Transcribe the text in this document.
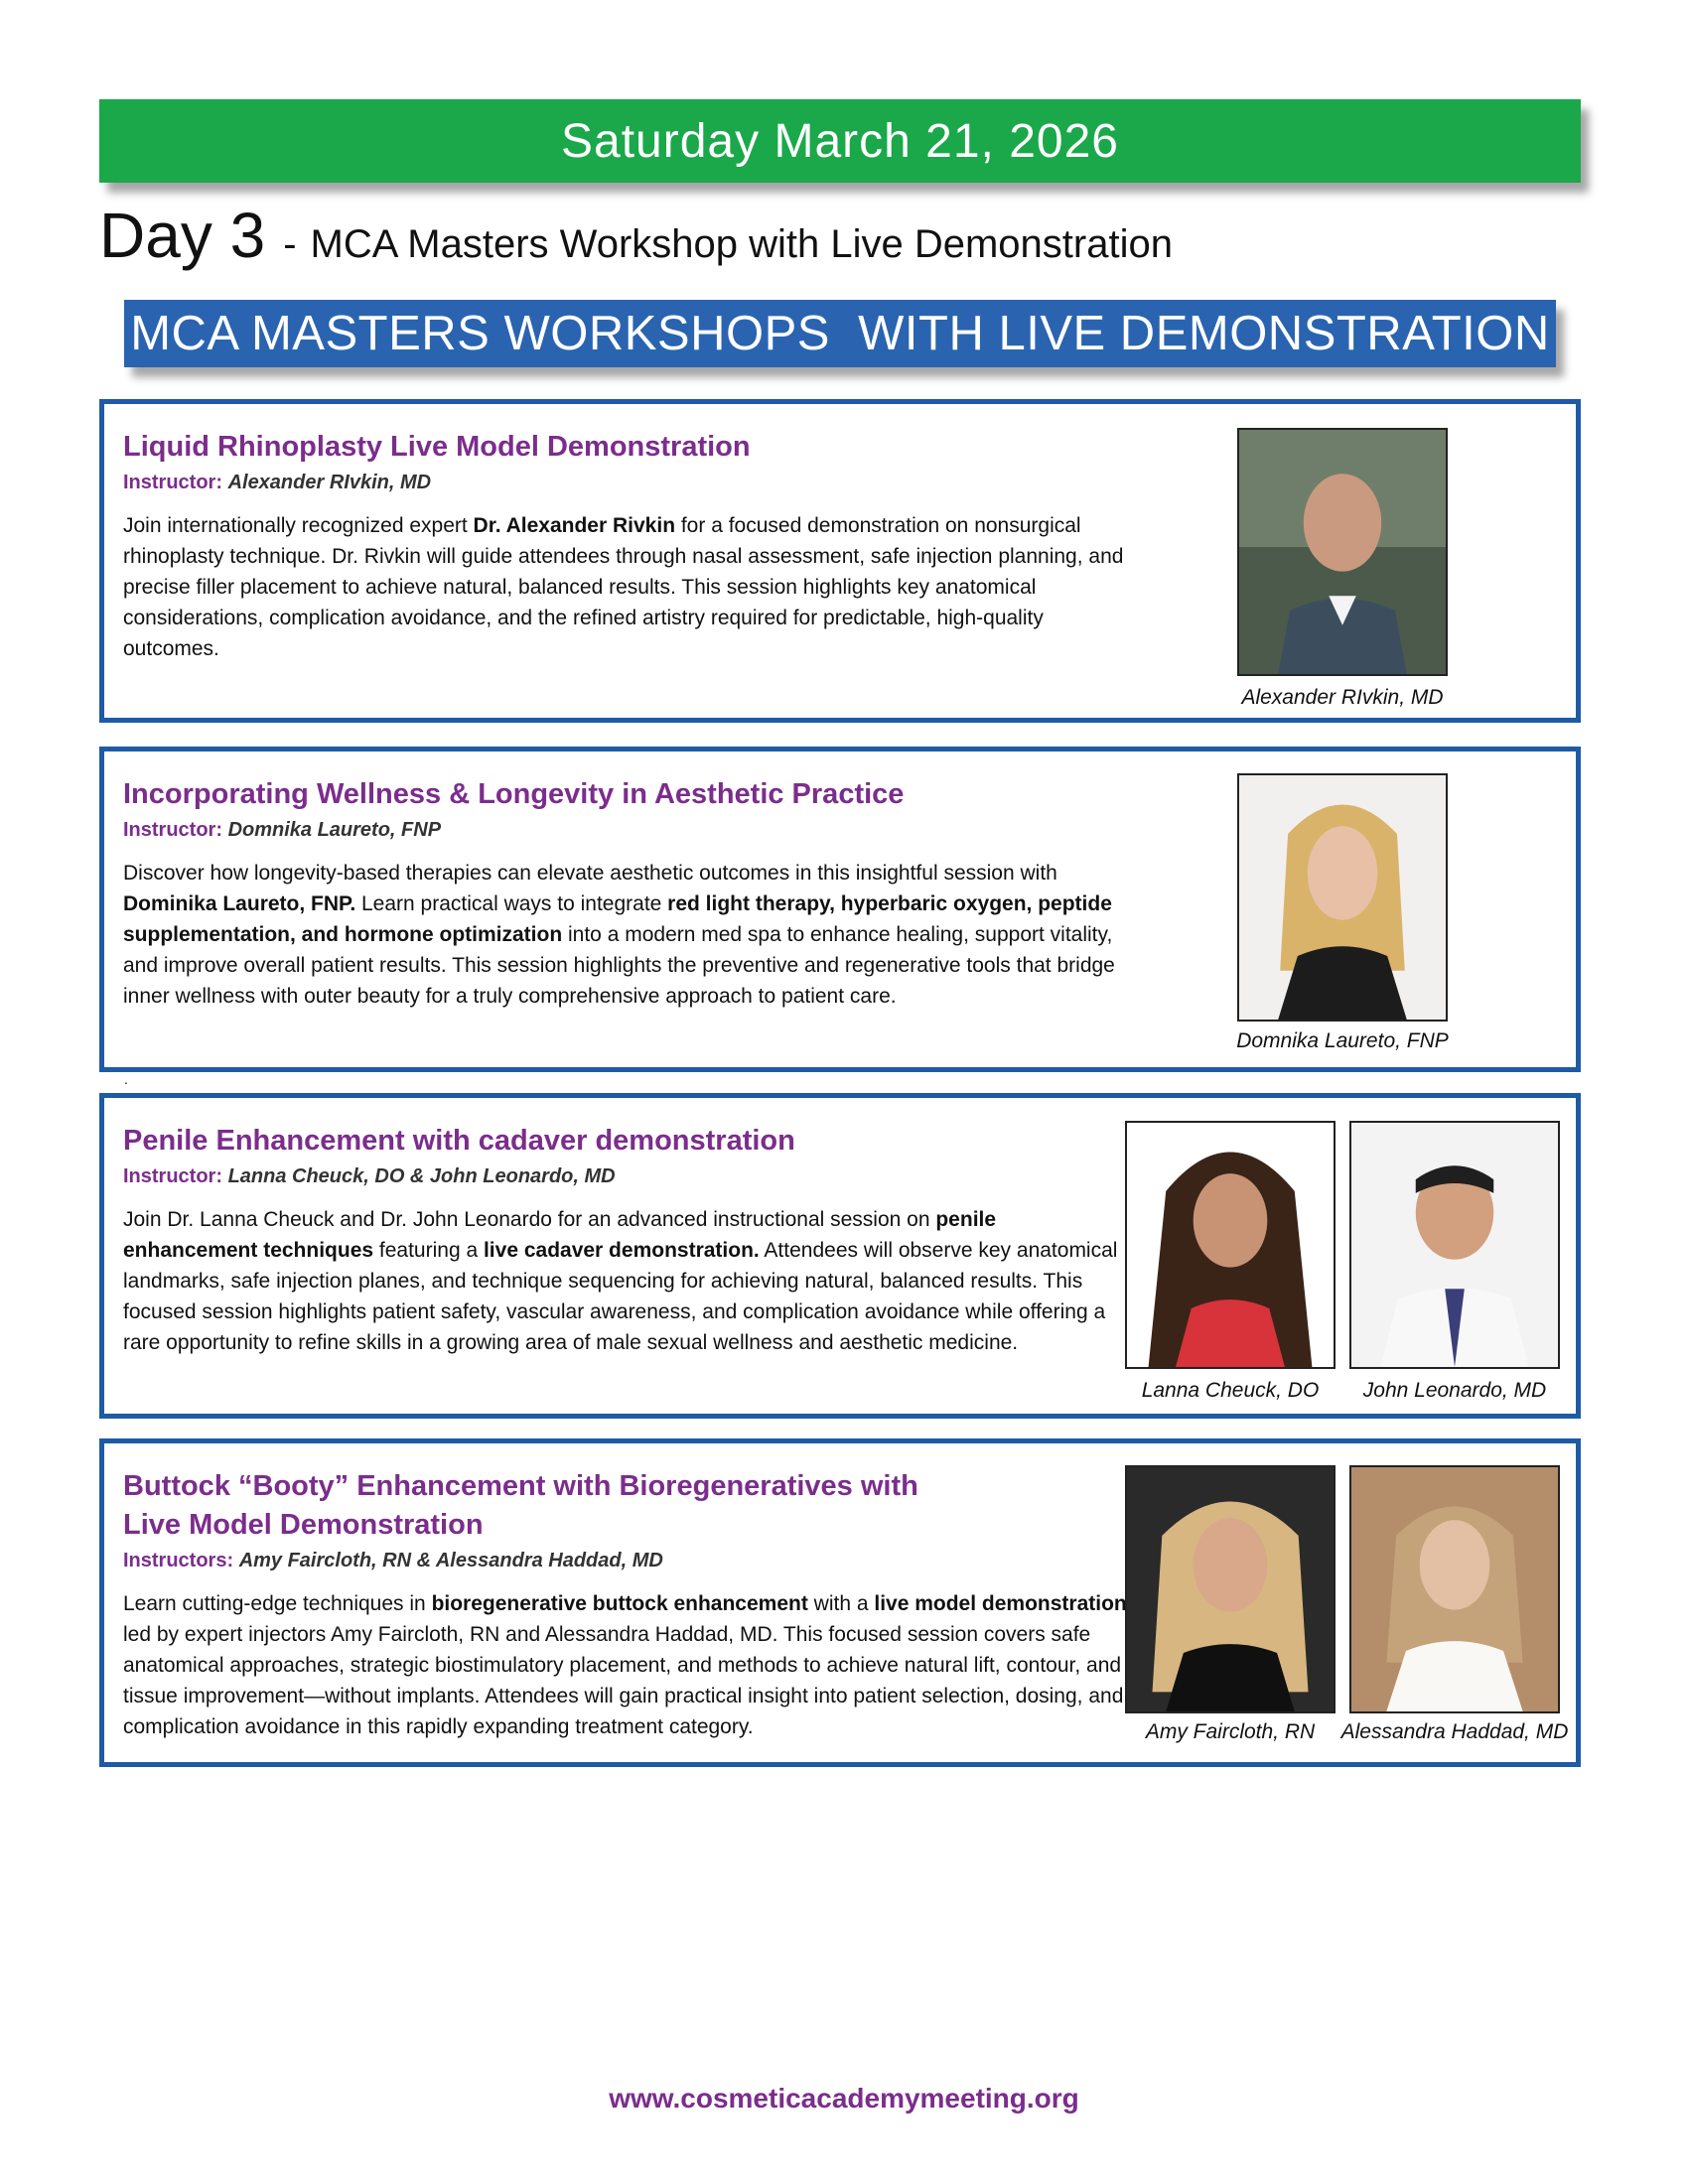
Saturday March 21, 2026
Day 3 - MCA Masters Workshop with Live Demonstration
MCA MASTERS WORKSHOPS  WITH LIVE DEMONSTRATION
Liquid Rhinoplasty Live Model Demonstration
Instructor: Alexander RIvkin, MD
Join internationally recognized expert Dr. Alexander Rivkin for a focused demonstration on nonsurgical rhinoplasty technique. Dr. Rivkin will guide attendees through nasal assessment, safe injection planning, and precise filler placement to achieve natural, balanced results. This session highlights key anatomical considerations, complication avoidance, and the refined artistry required for predictable, high-quality outcomes.
Alexander RIvkin, MD
Incorporating Wellness & Longevity in Aesthetic Practice
Instructor: Domnika Laureto, FNP
Discover how longevity-based therapies can elevate aesthetic outcomes in this insightful session with Dominika Laureto, FNP. Learn practical ways to integrate red light therapy, hyperbaric oxygen, peptide supplementation, and hormone optimization into a modern med spa to enhance healing, support vitality, and improve overall patient results. This session highlights the preventive and regenerative tools that bridge inner wellness with outer beauty for a truly comprehensive approach to patient care.
.
Domnika Laureto, FNP
Penile Enhancement with cadaver demonstration
Instructor: Lanna Cheuck, DO & John Leonardo, MD
Join Dr. Lanna Cheuck and Dr. John Leonardo for an advanced instructional session on penile enhancement techniques featuring a live cadaver demonstration. Attendees will observe key anatomical landmarks, safe injection planes, and technique sequencing for achieving natural, balanced results. This focused session highlights patient safety, vascular awareness, and complication avoidance while offering a rare opportunity to refine skills in a growing area of male sexual wellness and aesthetic medicine.
Lanna Cheuck, DO	John Leonardo, MD
Buttock “Booty” Enhancement with Bioregeneratives with
Live Model Demonstration
Instructors: Amy Faircloth, RN & Alessandra Haddad, MD
Learn cutting-edge techniques in bioregenerative buttock enhancement with a live model demonstration led by expert injectors Amy Faircloth, RN and Alessandra Haddad, MD. This focused session covers safe anatomical approaches, strategic biostimulatory placement, and methods to achieve natural lift, contour, and tissue improvement—without implants. Attendees will gain practical insight into patient selection, dosing, and complication avoidance in this rapidly expanding treatment category.	Amy Faircloth, RN	Alessandra Haddad, MD
www.cosmeticacademymeeting.org
